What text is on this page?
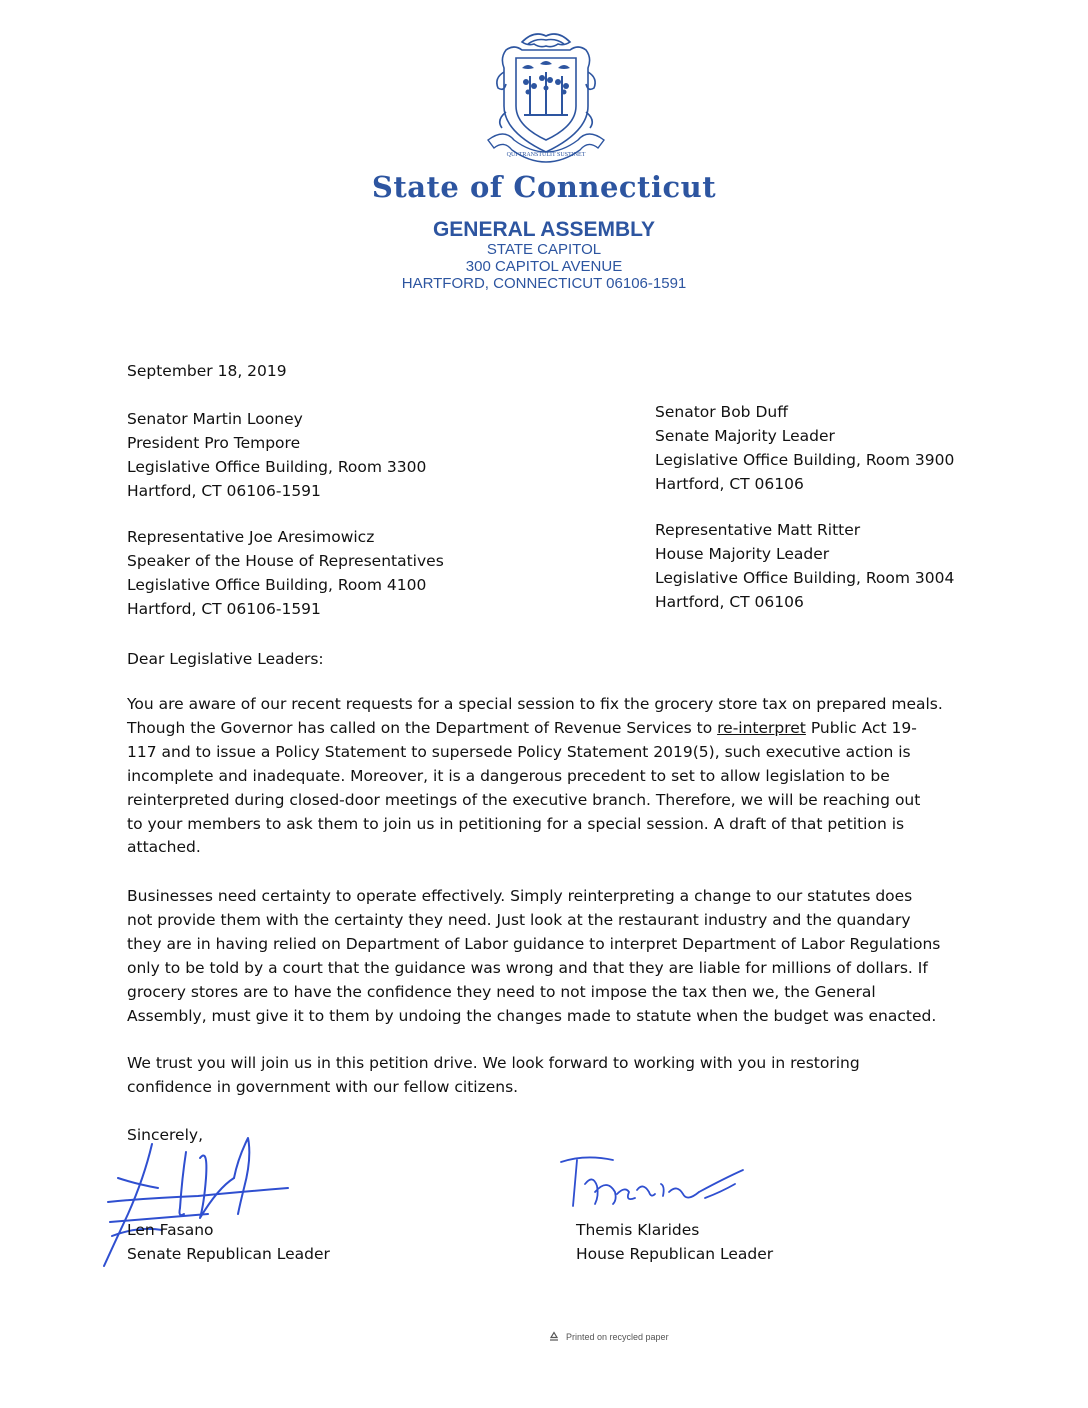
QUI TRANSTULIT SUSTINET
State of Connecticut
GENERAL ASSEMBLY
STATE CAPITOL
300 CAPITOL AVENUE
HARTFORD, CONNECTICUT 06106-1591
September 18, 2019
Senator Martin Looney
President Pro Tempore
Legislative Office Building, Room 3300
Hartford, CT 06106-1591
Representative Joe Aresimowicz
Speaker of the House of Representatives
Legislative Office Building, Room 4100
Hartford, CT 06106-1591
Senator Bob Duff
Senate Majority Leader
Legislative Office Building, Room 3900
Hartford, CT 06106
Representative Matt Ritter
House Majority Leader
Legislative Office Building, Room 3004
Hartford, CT 06106
Dear Legislative Leaders:
You are aware of our recent requests for a special session to fix the grocery store tax on prepared meals.
Though the Governor has called on the Department of Revenue Services to re-interpret Public Act 19-
117 and to issue a Policy Statement to supersede Policy Statement 2019(5), such executive action is
incomplete and inadequate. Moreover, it is a dangerous precedent to set to allow legislation to be
reinterpreted during closed-door meetings of the executive branch. Therefore, we will be reaching out
to your members to ask them to join us in petitioning for a special session. A draft of that petition is
attached.
Businesses need certainty to operate effectively. Simply reinterpreting a change to our statutes does
not provide them with the certainty they need. Just look at the restaurant industry and the quandary
they are in having relied on Department of Labor guidance to interpret Department of Labor Regulations
only to be told by a court that the guidance was wrong and that they are liable for millions of dollars. If
grocery stores are to have the confidence they need to not impose the tax then we, the General
Assembly, must give it to them by undoing the changes made to statute when the budget was enacted.
We trust you will join us in this petition drive. We look forward to working with you in restoring
confidence in government with our fellow citizens.
Sincerely,
Len Fasano
Senate Republican Leader
Themis Klarides
House Republican Leader
Printed on recycled paper
